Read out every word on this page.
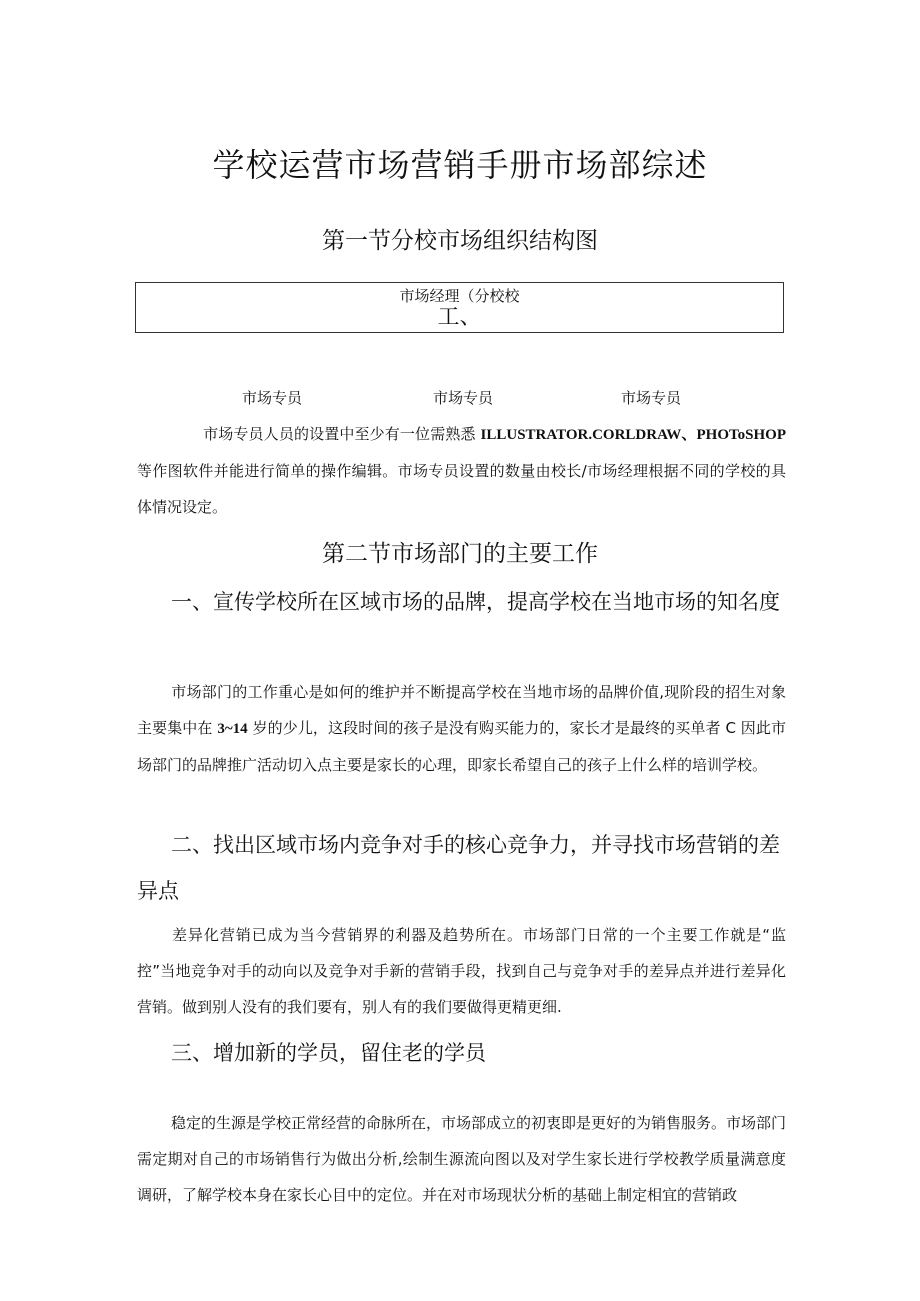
学校运营市场营销手册市场部综述
第一节分校市场组织结构图
市场经理（分校校
工、
市场专员	市场专员	市场专员

市场专员人员的设置中至少有一位需熟悉 ILLUSTRATOR.CORLDRAW、PHOToSHOP 等作图软件并能进行简单的操作编辑。市场专员设置的数量由校长/市场经理根据不同的学校的具体情况设定。

第二节市场部门的主要工作
一、宣传学校所在区域市场的品牌，提高学校在当地市场的知名度

市场部门的工作重心是如何的维护并不断提高学校在当地市场的品牌价值,现阶段的招生对象主要集中在 3~14 岁的少儿，这段时间的孩子是没有购买能力的，家长才是最终的买单者 C 因此市场部门的品牌推广活动切入点主要是家长的心理，即家长希望自己的孩子上什么样的培训学校。

二、找出区域市场内竞争对手的核心竞争力，并寻找市场营销的差异点

差异化营销已成为当今营销界的利器及趋势所在。市场部门日常的一个主要工作就是“监控”当地竞争对手的动向以及竞争对手新的营销手段，找到自己与竞争对手的差异点并进行差异化营销。做到别人没有的我们要有，别人有的我们要做得更精更细.

三、增加新的学员，留住老的学员

稳定的生源是学校正常经营的命脉所在，市场部成立的初衷即是更好的为销售服务。市场部门需定期对自己的市场销售行为做出分析,绘制生源流向图以及对学生家长进行学校教学质量满意度调研，了解学校本身在家长心目中的定位。并在对市场现状分析的基础上制定相宜的营销政
